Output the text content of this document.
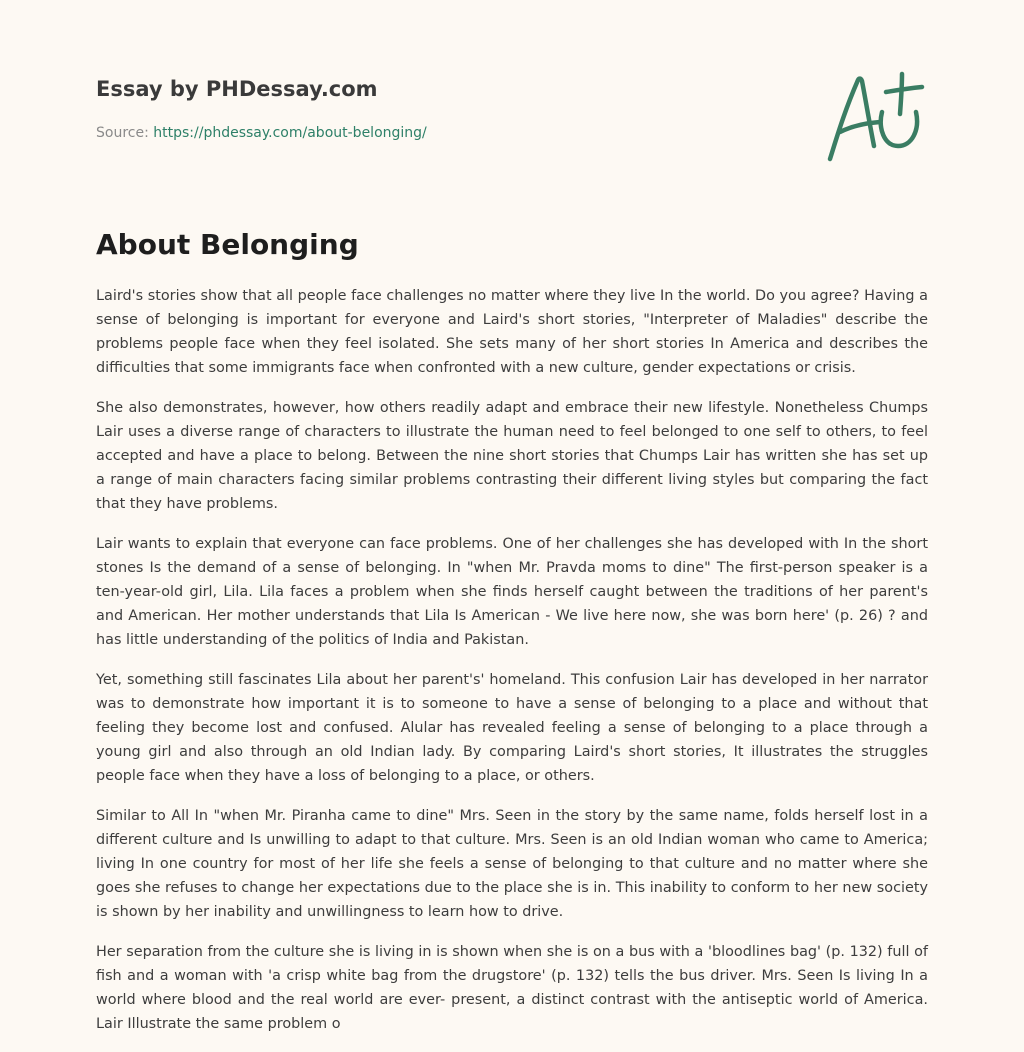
Essay by PHDessay.com
Source: https://phdessay.com/about-belonging/
About Belonging

Laird's stories show that all people face challenges no matter where they live In the world. Do you agree? Having a sense of belonging is important for everyone and Laird's short stories, "Interpreter of Maladies" describe the problems people face when they feel isolated. She sets many of her short stories In America and describes the difficulties that some immigrants face when confronted with a new culture, gender expectations or crisis.

She also demonstrates, however, how others readily adapt and embrace their new lifestyle. Nonetheless Chumps Lair uses a diverse range of characters to illustrate the human need to feel belonged to one self to others, to feel accepted and have a place to belong. Between the nine short stories that Chumps Lair has written she has set up a range of main characters facing similar problems contrasting their different living styles but comparing the fact that they have problems.

Lair wants to explain that everyone can face problems. One of her challenges she has developed with In the short stones Is the demand of a sense of belonging. In "when Mr. Pravda moms to dine" The first-person speaker is a ten-year-old girl, Lila. Lila faces a problem when she finds herself caught between the traditions of her parent's and American. Her mother understands that Lila Is American - We live here now, she was born here' (p. 26) ? and has little understanding of the politics of India and Pakistan.

Yet, something still fascinates Lila about her parent's' homeland. This confusion Lair has developed in her narrator was to demonstrate how important it is to someone to have a sense of belonging to a place and without that feeling they become lost and confused. Alular has revealed feeling a sense of belonging to a place through a young girl and also through an old Indian lady. By comparing Laird's short stories, It illustrates the struggles people face when they have a loss of belonging to a place, or others.

Similar to All In "when Mr. Piranha came to dine" Mrs. Seen in the story by the same name, folds herself lost in a different culture and Is unwilling to adapt to that culture. Mrs. Seen is an old Indian woman who came to America; living In one country for most of her life she feels a sense of belonging to that culture and no matter where she goes she refuses to change her expectations due to the place she is in. This inability to conform to her new society is shown by her inability and unwillingness to learn how to drive.

Her separation from the culture she is living in is shown when she is on a bus with a 'bloodlines bag' (p. 132) full of fish and a woman with 'a crisp white bag from the drugstore' (p. 132) tells the bus driver. Mrs. Seen Is living In a world where blood and the real world are ever- present, a distinct contrast with the antiseptic world of America. Lair Illustrate the same problem o
